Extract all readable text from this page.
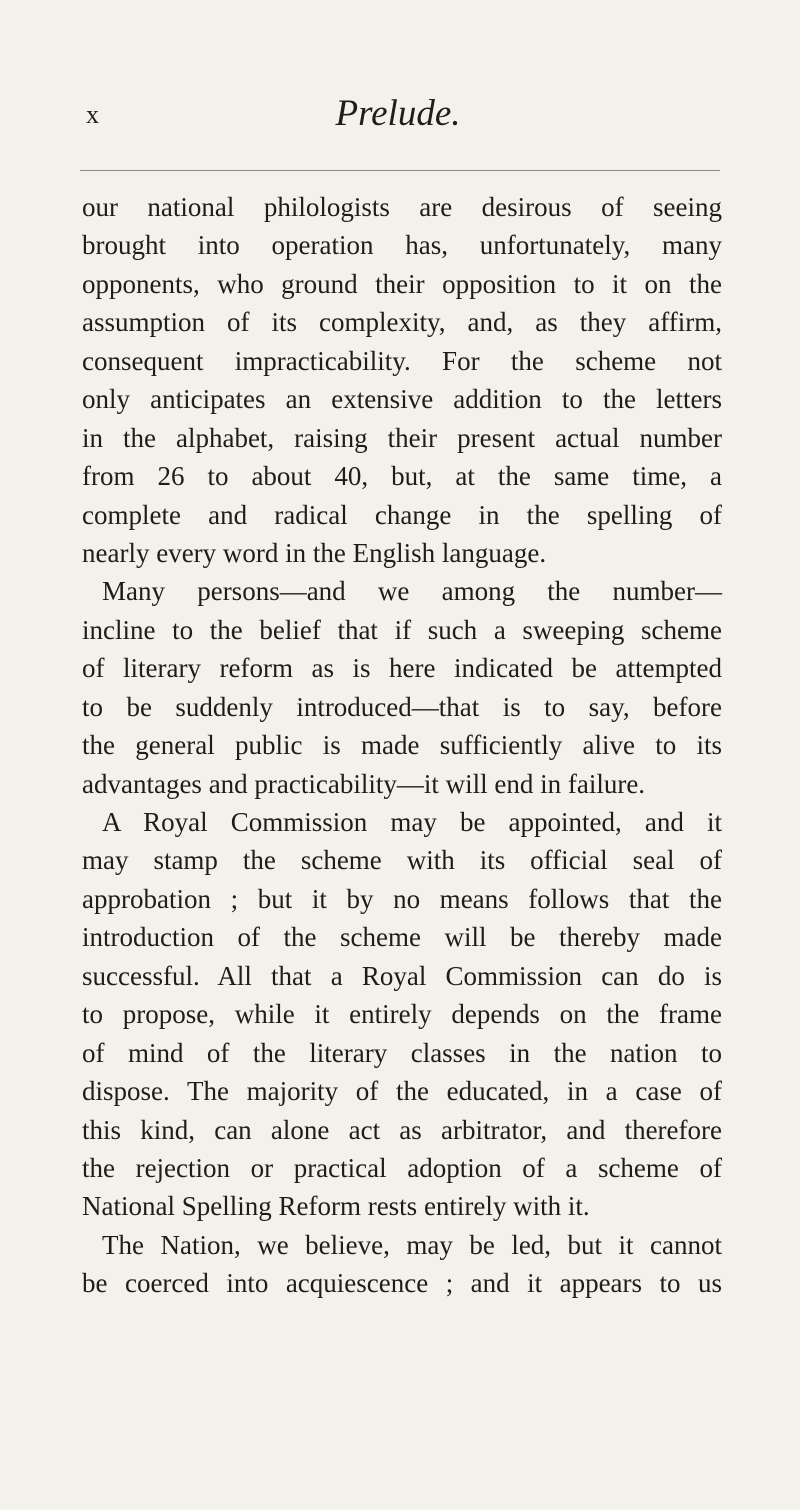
x	Prelude.
our national philologists are desirous of seeing
brought into operation has, unfortunately, many
opponents, who ground their opposition to it on the
assumption of its complexity, and, as they affirm,
consequent impracticability. For the scheme not
only anticipates an extensive addition to the letters
in the alphabet, raising their present actual number
from 26 to about 40, but, at the same time, a
complete and radical change in the spelling of
nearly every word in the English language.
Many persons—and we among the number—
incline to the belief that if such a sweeping scheme
of literary reform as is here indicated be attempted
to be suddenly introduced—that is to say, before
the general public is made sufficiently alive to its
advantages and practicability—it will end in failure.
A Royal Commission may be appointed, and it
may stamp the scheme with its official seal of
approbation ; but it by no means follows that the
introduction of the scheme will be thereby made
successful. All that a Royal Commission can do is
to propose, while it entirely depends on the frame
of mind of the literary classes in the nation to
dispose. The majority of the educated, in a case of
this kind, can alone act as arbitrator, and therefore
the rejection or practical adoption of a scheme of
National Spelling Reform rests entirely with it.
The Nation, we believe, may be led, but it cannot
be coerced into acquiescence ; and it appears to us
